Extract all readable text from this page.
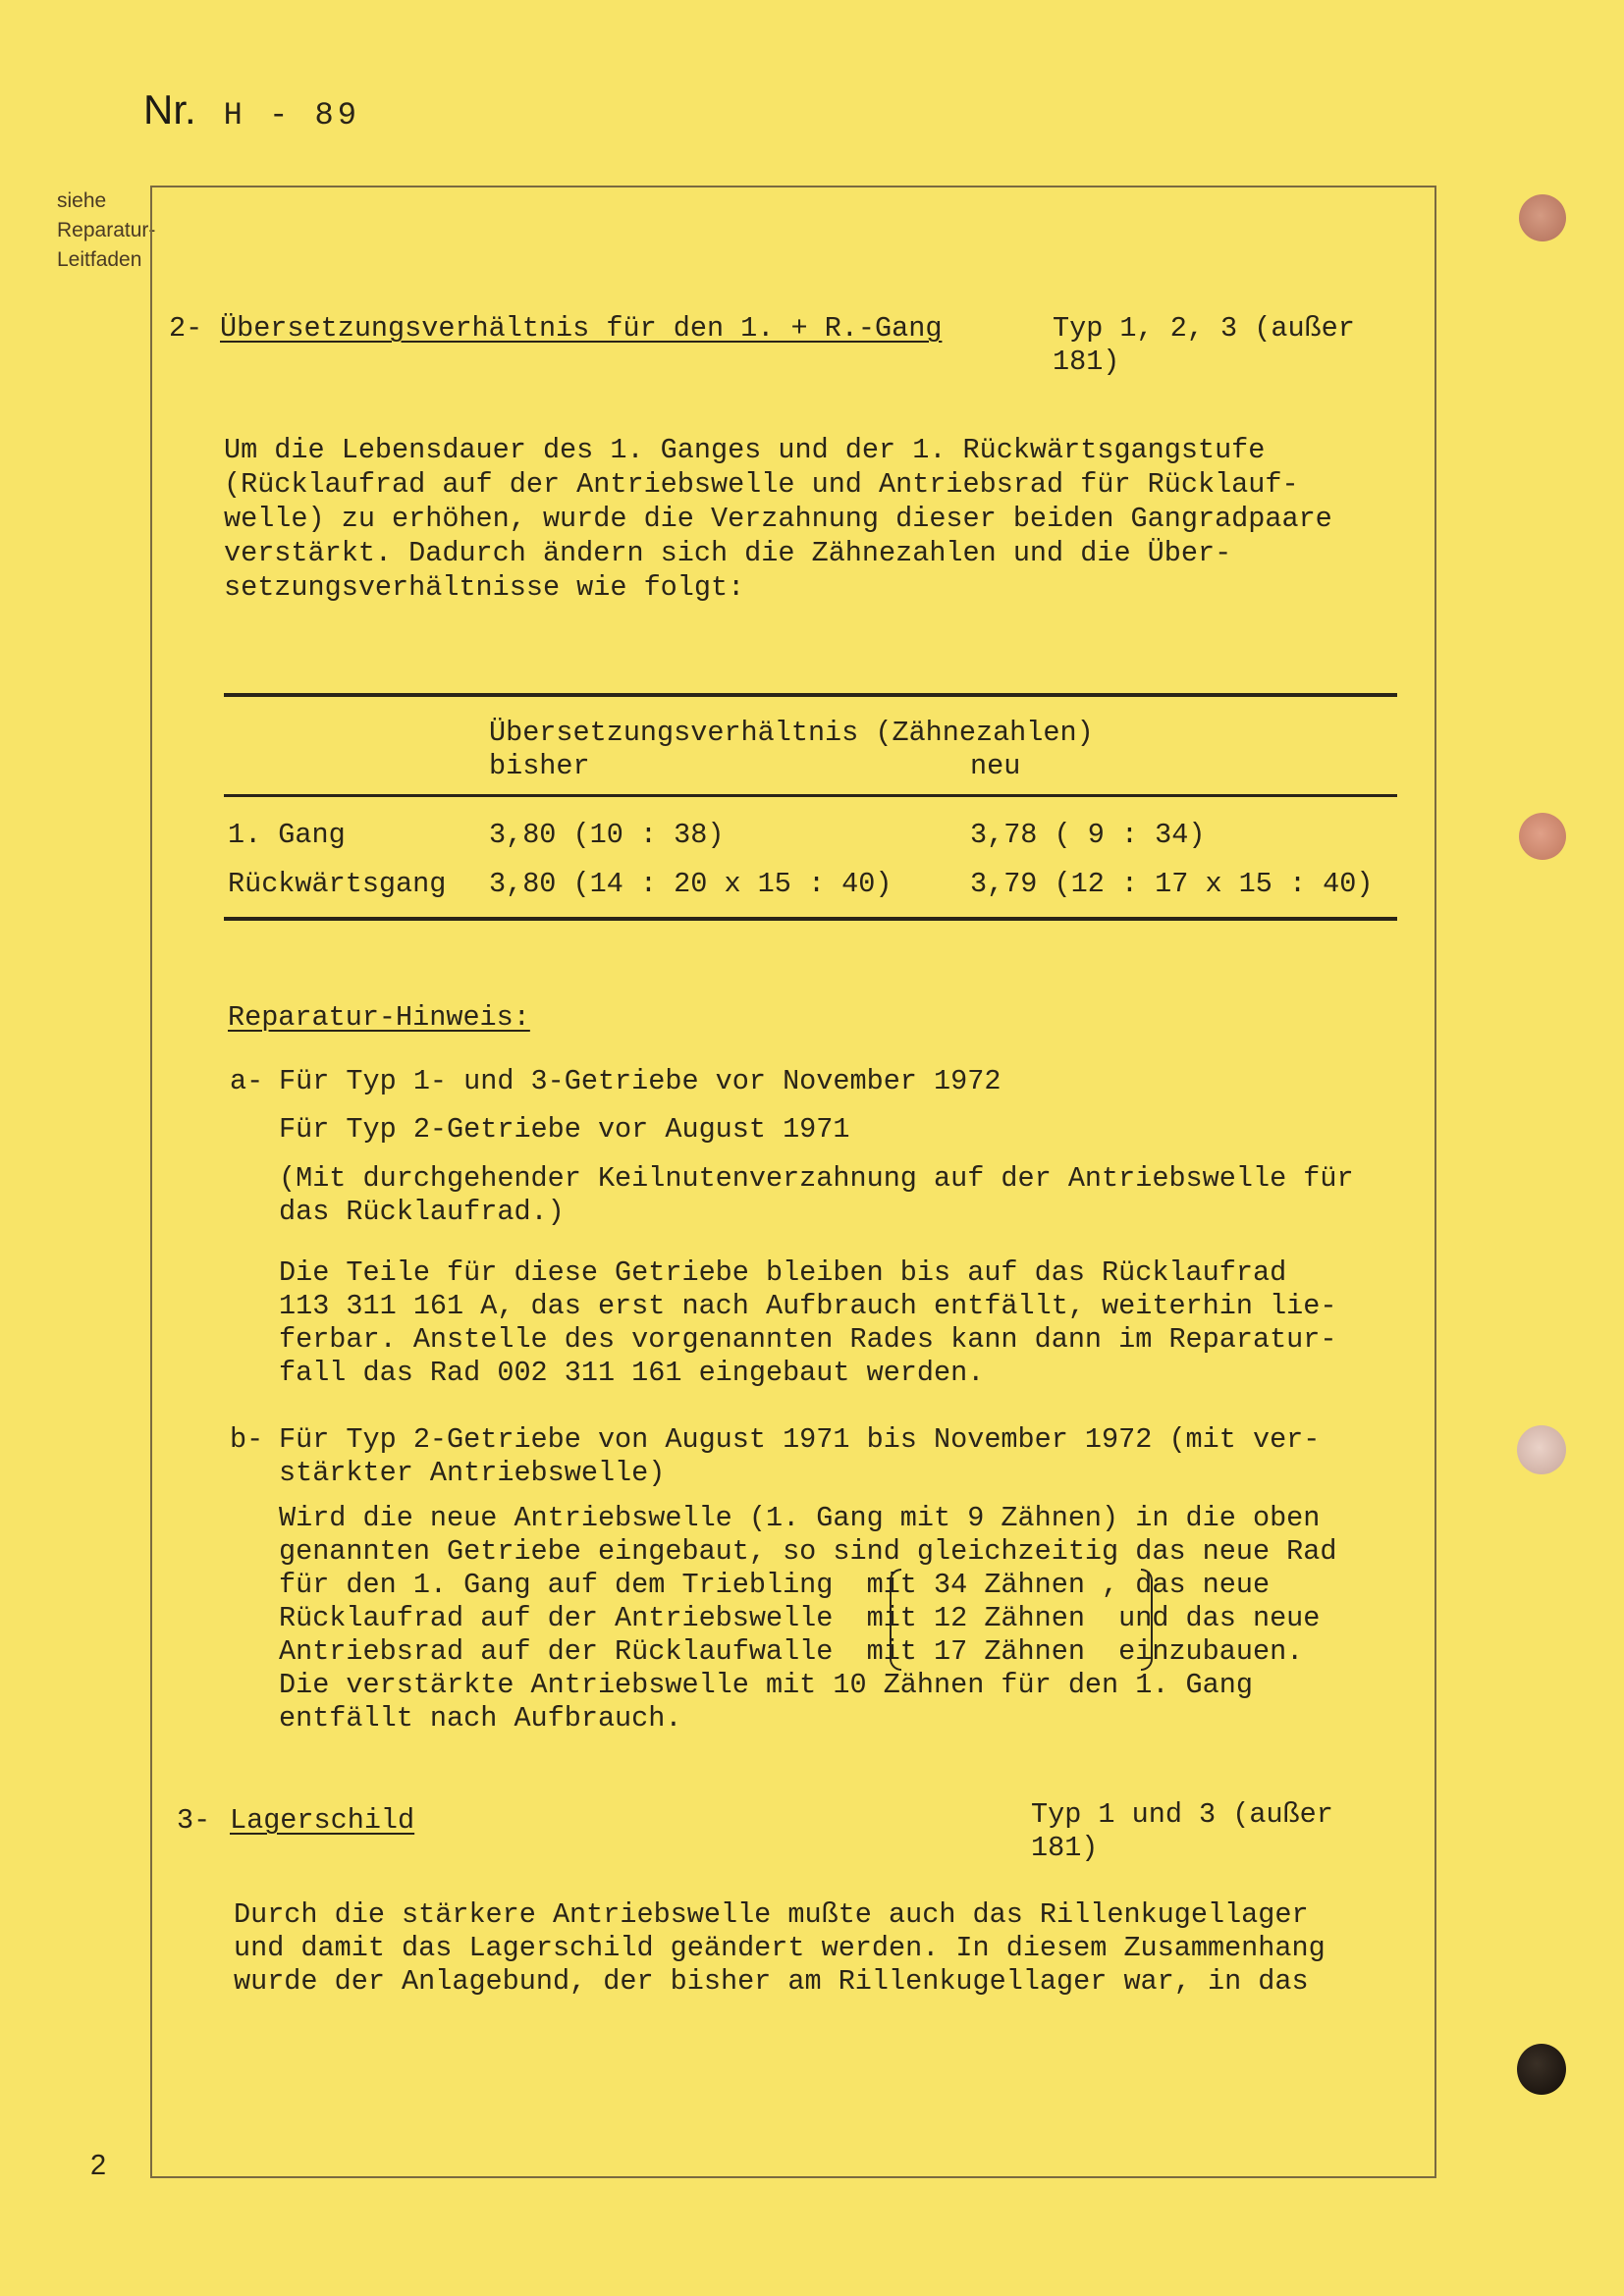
Nr. H - 89
siehe
Reparatur-
Leitfaden
2
2- Übersetzungsverhältnis für den 1. + R.-Gang	Typ 1, 2, 3 (außer
181)
Um die Lebensdauer des 1. Ganges und der 1. Rückwärtsgangstufe
(Rücklaufrad auf der Antriebswelle und Antriebsrad für Rücklauf-
welle) zu erhöhen, wurde die Verzahnung dieser beiden Gangradpaare
verstärkt. Dadurch ändern sich die Zähnezahlen und die Über-
setzungsverhältnisse wie folgt:
Übersetzungsverhältnis (Zähnezahlen)
bisher	neu
1. Gang	3,80 (10 : 38)	3,78 ( 9 : 34)
Rückwärtsgang 3,80 (14 : 20 x 15 : 40)	3,79 (12 : 17 x 15 : 40)
Reparatur-Hinweis:
a- Für Typ 1- und 3-Getriebe vor November 1972
Für Typ 2-Getriebe vor August 1971
(Mit durchgehender Keilnutenverzahnung auf der Antriebswelle für
das Rücklaufrad.)
Die Teile für diese Getriebe bleiben bis auf das Rücklaufrad
113 311 161 A, das erst nach Aufbrauch entfällt, weiterhin lie-
ferbar. Anstelle des vorgenannten Rades kann dann im Reparatur-
fall das Rad 002 311 161 eingebaut werden.
b- Für Typ 2-Getriebe von August 1971 bis November 1972 (mit ver-
stärkter Antriebswelle)
Wird die neue Antriebswelle (1. Gang mit 9 Zähnen) in die oben
genannten Getriebe eingebaut, so sind gleichzeitig das neue Rad
für den 1. Gang auf dem Triebling  mit 34 Zähnen , das neue
Rücklaufrad auf der Antriebswelle  mit 12 Zähnen  und das neue
Antriebsrad auf der Rücklaufwalle  mit 17 Zähnen  einzubauen.
Die verstärkte Antriebswelle mit 10 Zähnen für den 1. Gang
entfällt nach Aufbrauch.
3- Lagerschild	Typ 1 und 3 (außer
181)
Durch die stärkere Antriebswelle mußte auch das Rillenkugellager
und damit das Lagerschild geändert werden. In diesem Zusammenhang
wurde der Anlagebund, der bisher am Rillenkugellager war, in das
